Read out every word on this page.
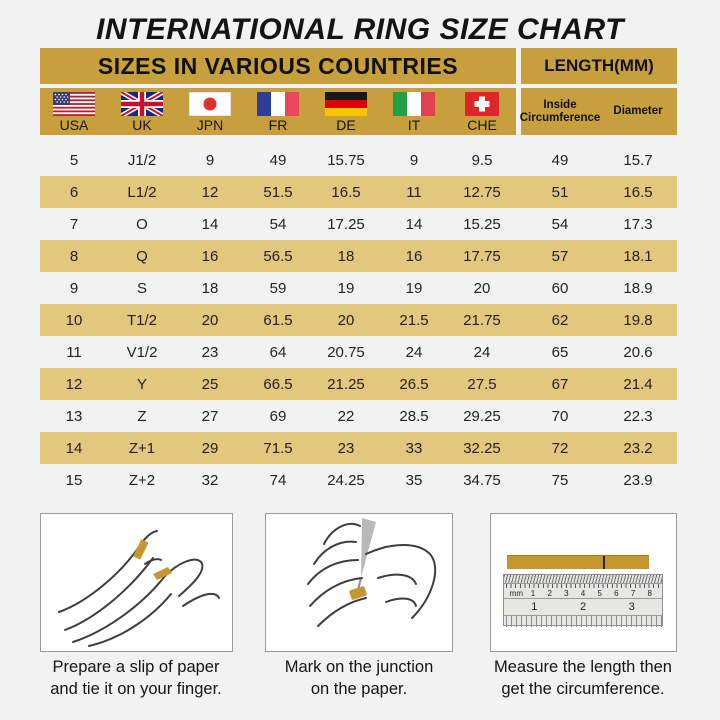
INTERNATIONAL RING SIZE CHART
SIZES IN VARIOUS COUNTRIES	LENGTH(MM)
USA	UK	JPN	FR	DE	IT	CHE
Inside Circumference
Diameter
5	J1/2	9	49	15.75	9	9.5	49	15.7
6	L1/2	12	51.5	16.5	11	12.75	51	16.5
7	O	14	54	17.25	14	15.25	54	17.3
8	Q	16	56.5	18	16	17.75	57	18.1
9	S	18	59	19	19	20	60	18.9
10	T1/2	20	61.5	20	21.5	21.75	62	19.8
11	V1/2	23	64	20.75	24	24	65	20.6
12	Y	25	66.5	21.25	26.5	27.5	67	21.4
13	Z	27	69	22	28.5	29.25	70	22.3
14	Z+1	29	71.5	23	33	32.25	72	23.2
15	Z+2	32	74	24.25	35	34.75	75	23.9
mm 1	2	3	4	5	6	7	8
1	2	3
Prepare a slip of paper
and tie it on your finger.
Mark on the junction
on the paper.
Measure the length then
get the circumference.
